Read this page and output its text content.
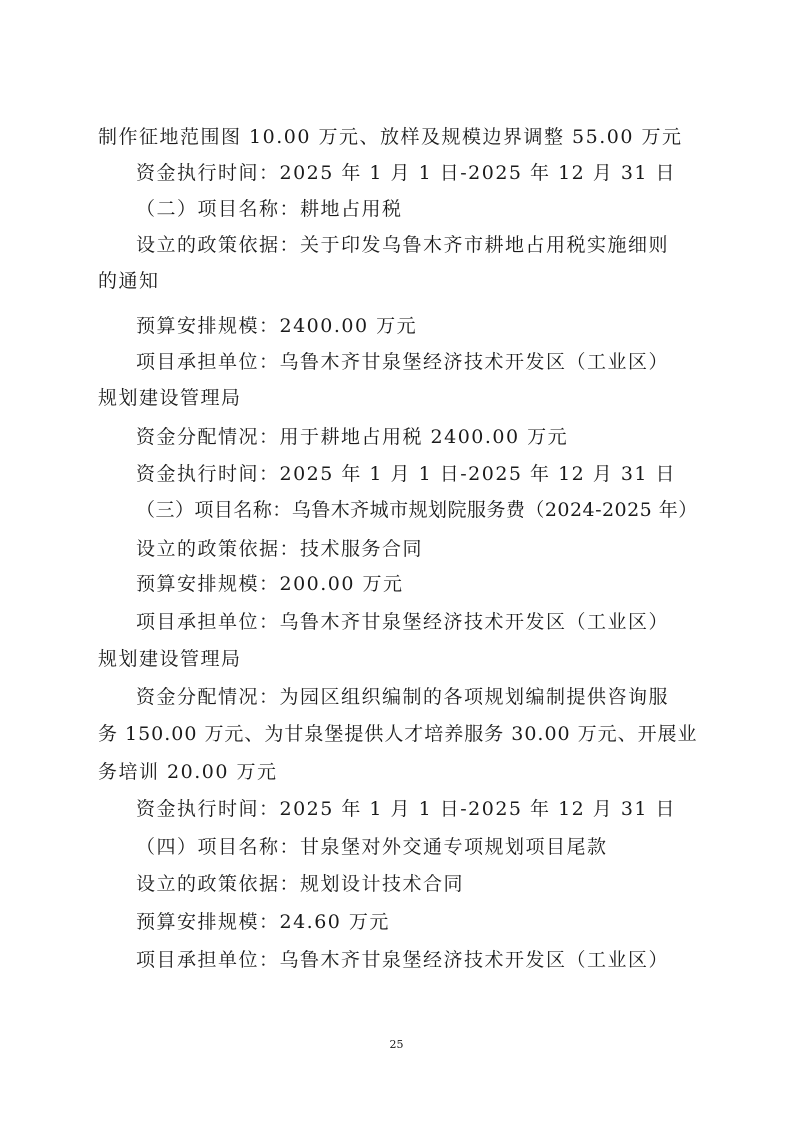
制作征地范围图 10.00 万元、放样及规模边界调整 55.00 万元
资金执行时间：2025 年 1 月 1 日-2025 年 12 月 31 日
（二）项目名称：耕地占用税
设立的政策依据：关于印发乌鲁木齐市耕地占用税实施细则
的通知
预算安排规模：2400.00 万元
项目承担单位：乌鲁木齐甘泉堡经济技术开发区（工业区）
规划建设管理局
资金分配情况：用于耕地占用税 2400.00 万元
资金执行时间：2025 年 1 月 1 日-2025 年 12 月 31 日
（三）项目名称：乌鲁木齐城市规划院服务费（2024-2025 年）
设立的政策依据：技术服务合同
预算安排规模：200.00 万元
项目承担单位：乌鲁木齐甘泉堡经济技术开发区（工业区）
规划建设管理局
资金分配情况：为园区组织编制的各项规划编制提供咨询服
务 150.00 万元、为甘泉堡提供人才培养服务 30.00 万元、开展业
务培训 20.00 万元
资金执行时间：2025 年 1 月 1 日-2025 年 12 月 31 日
（四）项目名称：甘泉堡对外交通专项规划项目尾款
设立的政策依据：规划设计技术合同
预算安排规模：24.60 万元
项目承担单位：乌鲁木齐甘泉堡经济技术开发区（工业区）
25
